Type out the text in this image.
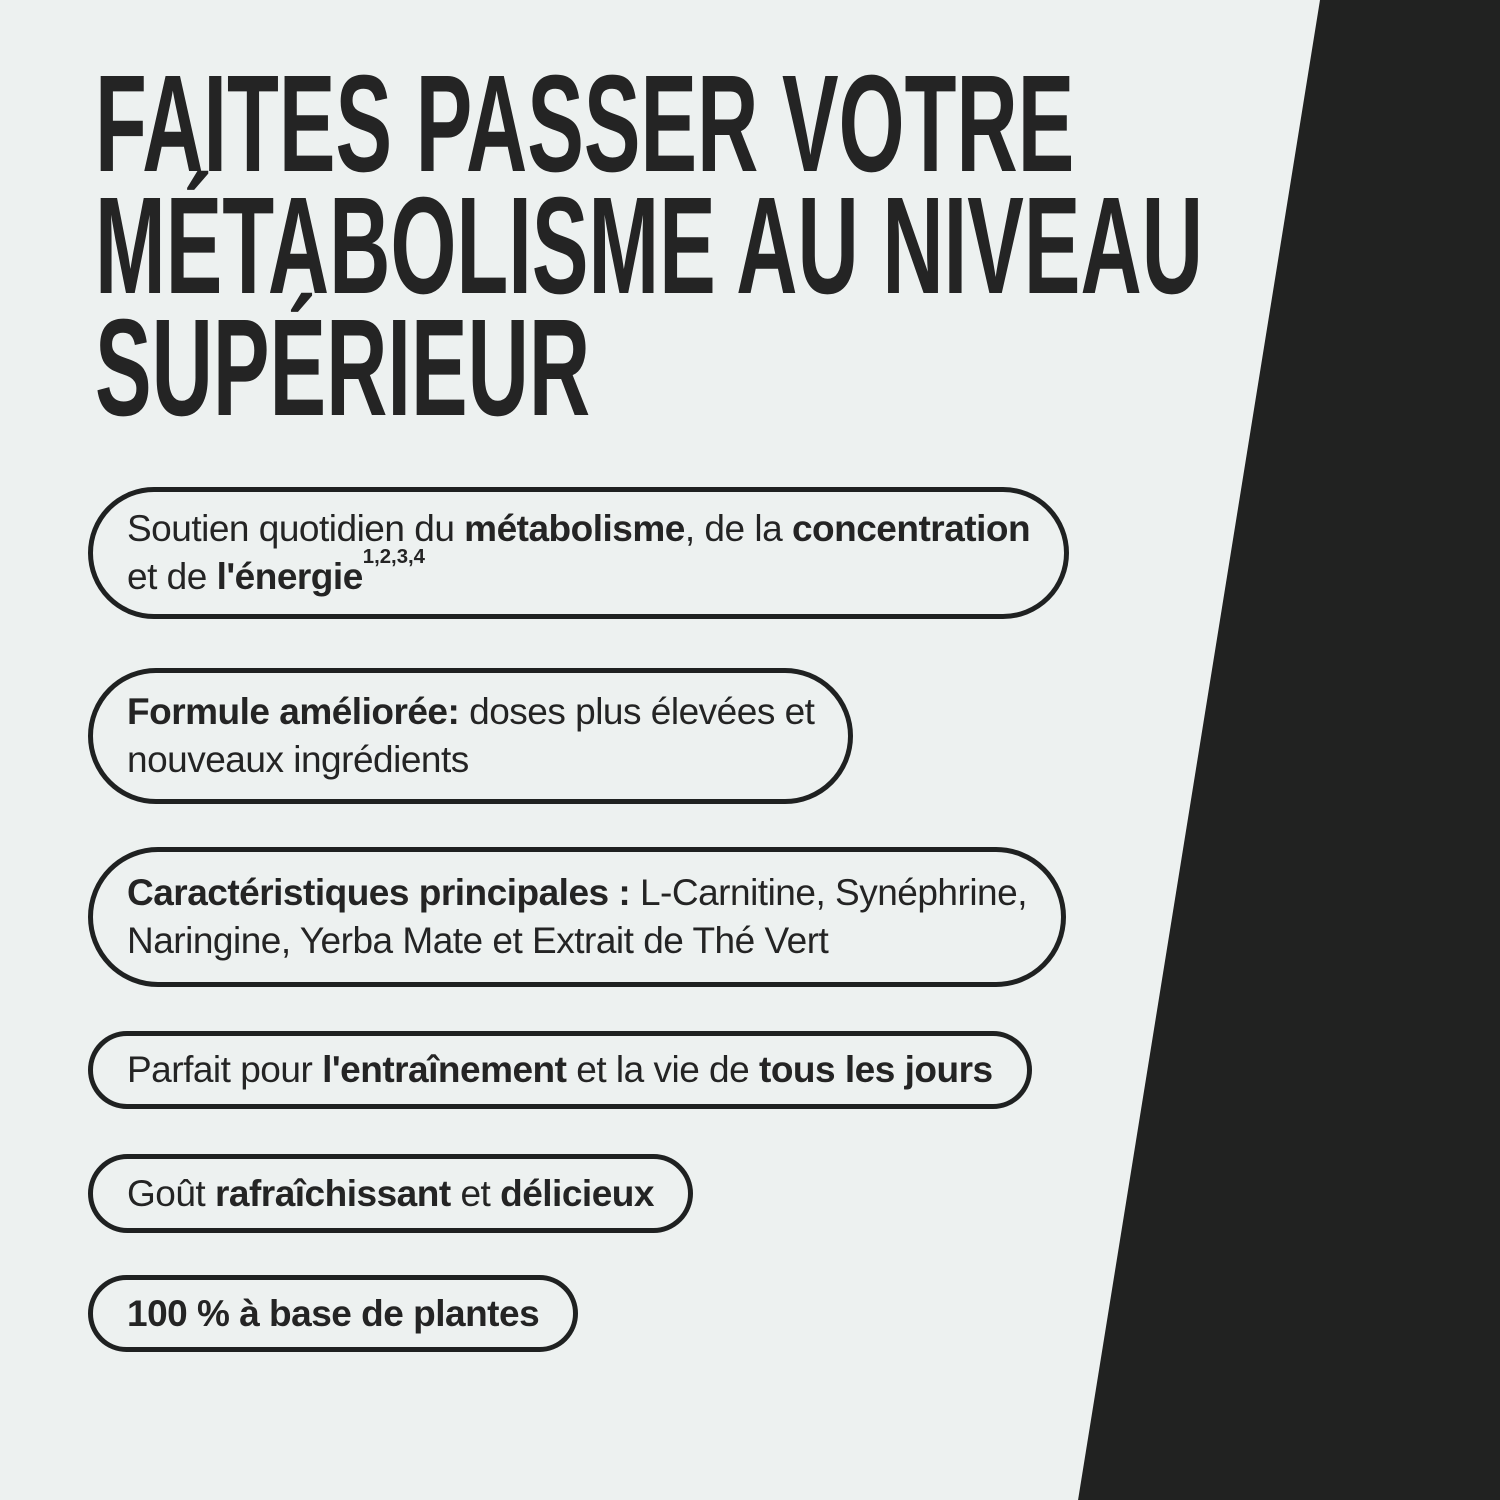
FAITES PASSER VOTRE
MÉTABOLISME AU NIVEAU
SUPÉRIEUR

Soutien quotidien du métabolisme, de la concentration
et de l'énergie$^{1,2,3,4}$

Formule améliorée: doses plus élevées et
nouveaux ingrédients

Caractéristiques principales : L-Carnitine, Synéphrine,
Naringine, Yerba Mate et Extrait de Thé Vert

Parfait pour l'entraînement et la vie de tous les jours

Goût rafraîchissant et délicieux

100 % à base de plantes
